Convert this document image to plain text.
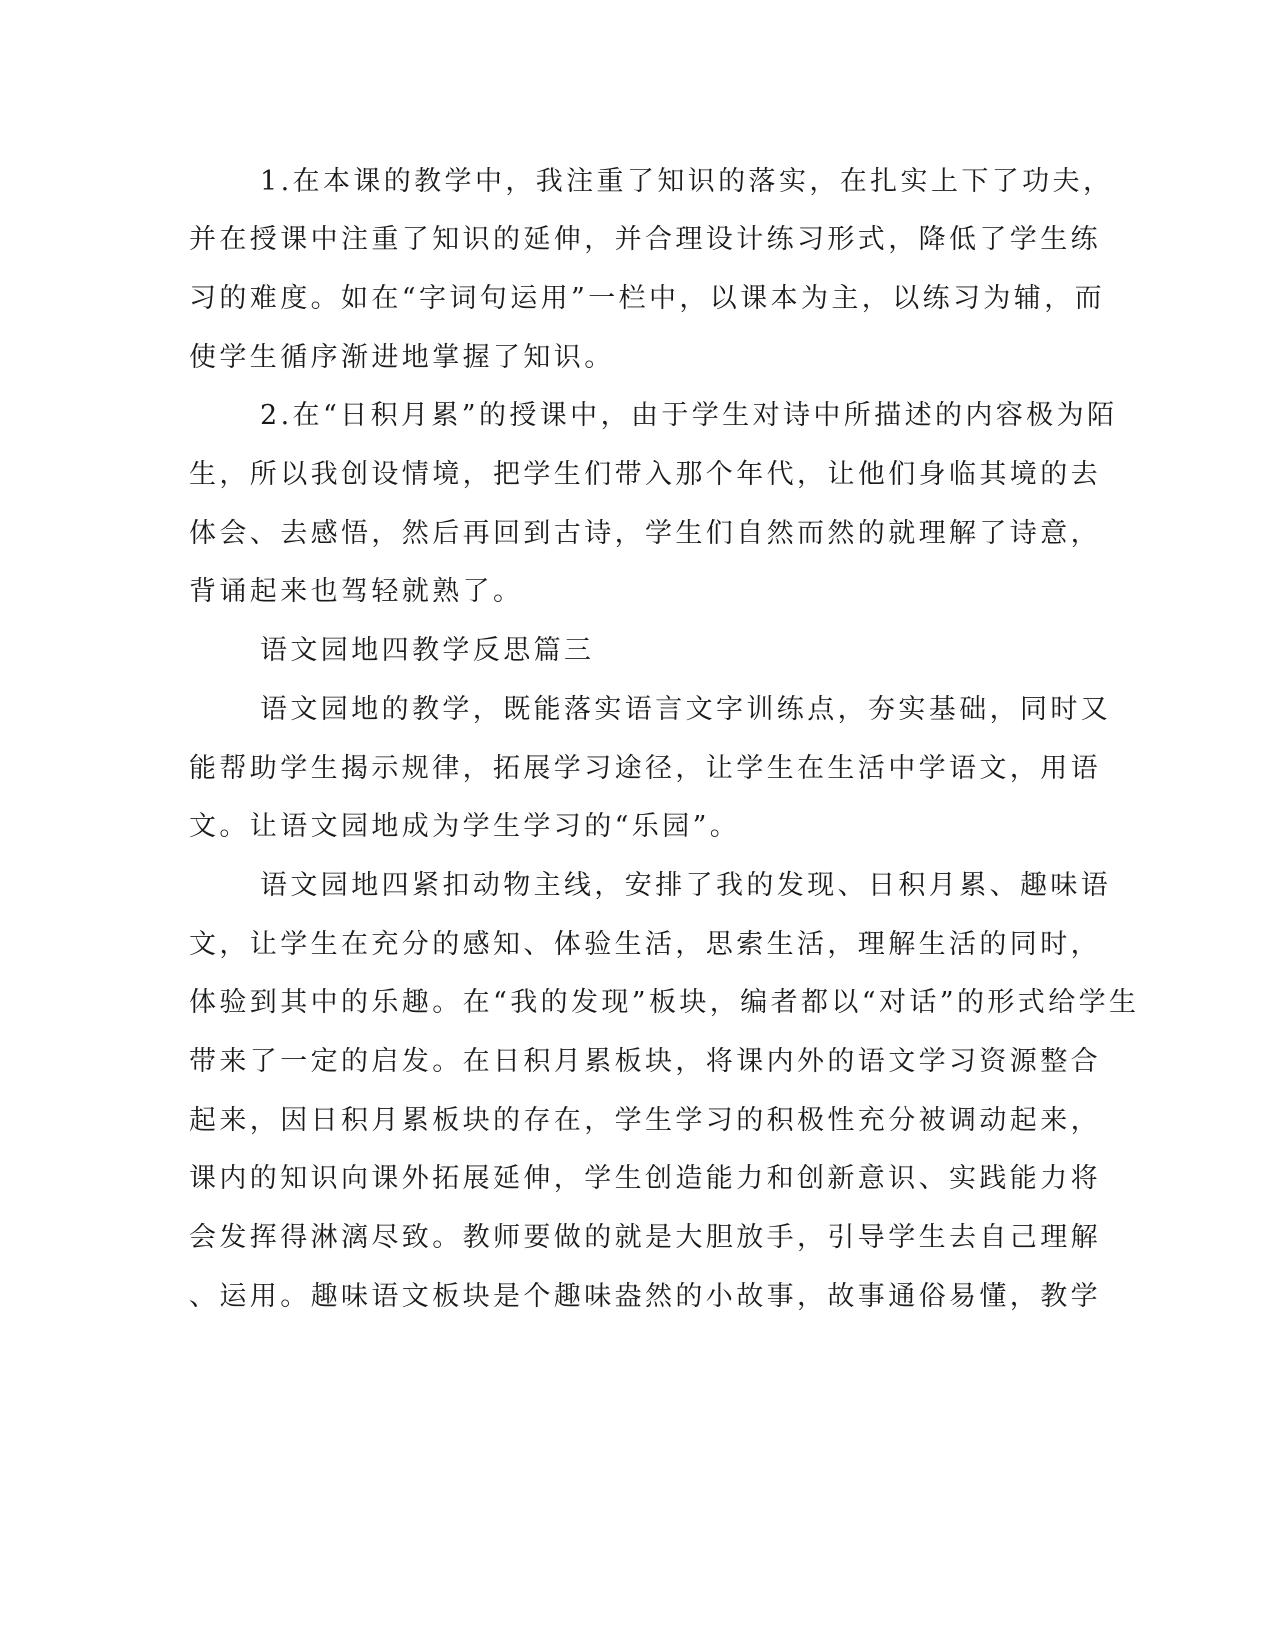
1.在本课的教学中，我注重了知识的落实，在扎实上下了功夫，
并在授课中注重了知识的延伸，并合理设计练习形式，降低了学生练
习的难度。如在“字词句运用”一栏中，以课本为主，以练习为辅，而
使学生循序渐进地掌握了知识。
2.在“日积月累”的授课中，由于学生对诗中所描述的内容极为陌
生，所以我创设情境，把学生们带入那个年代，让他们身临其境的去
体会、去感悟，然后再回到古诗，学生们自然而然的就理解了诗意，
背诵起来也驾轻就熟了。
语文园地四教学反思篇三
语文园地的教学，既能落实语言文字训练点，夯实基础，同时又
能帮助学生揭示规律，拓展学习途径，让学生在生活中学语文，用语
文。让语文园地成为学生学习的“乐园”。
语文园地四紧扣动物主线，安排了我的发现、日积月累、趣味语
文，让学生在充分的感知、体验生活，思索生活，理解生活的同时，
体验到其中的乐趣。在“我的发现”板块，编者都以“对话”的形式给学生
带来了一定的启发。在日积月累板块，将课内外的语文学习资源整合
起来，因日积月累板块的存在，学生学习的积极性充分被调动起来，
课内的知识向课外拓展延伸，学生创造能力和创新意识、实践能力将
会发挥得淋漓尽致。教师要做的就是大胆放手，引导学生去自己理解
、运用。趣味语文板块是个趣味盎然的小故事，故事通俗易懂，教学
